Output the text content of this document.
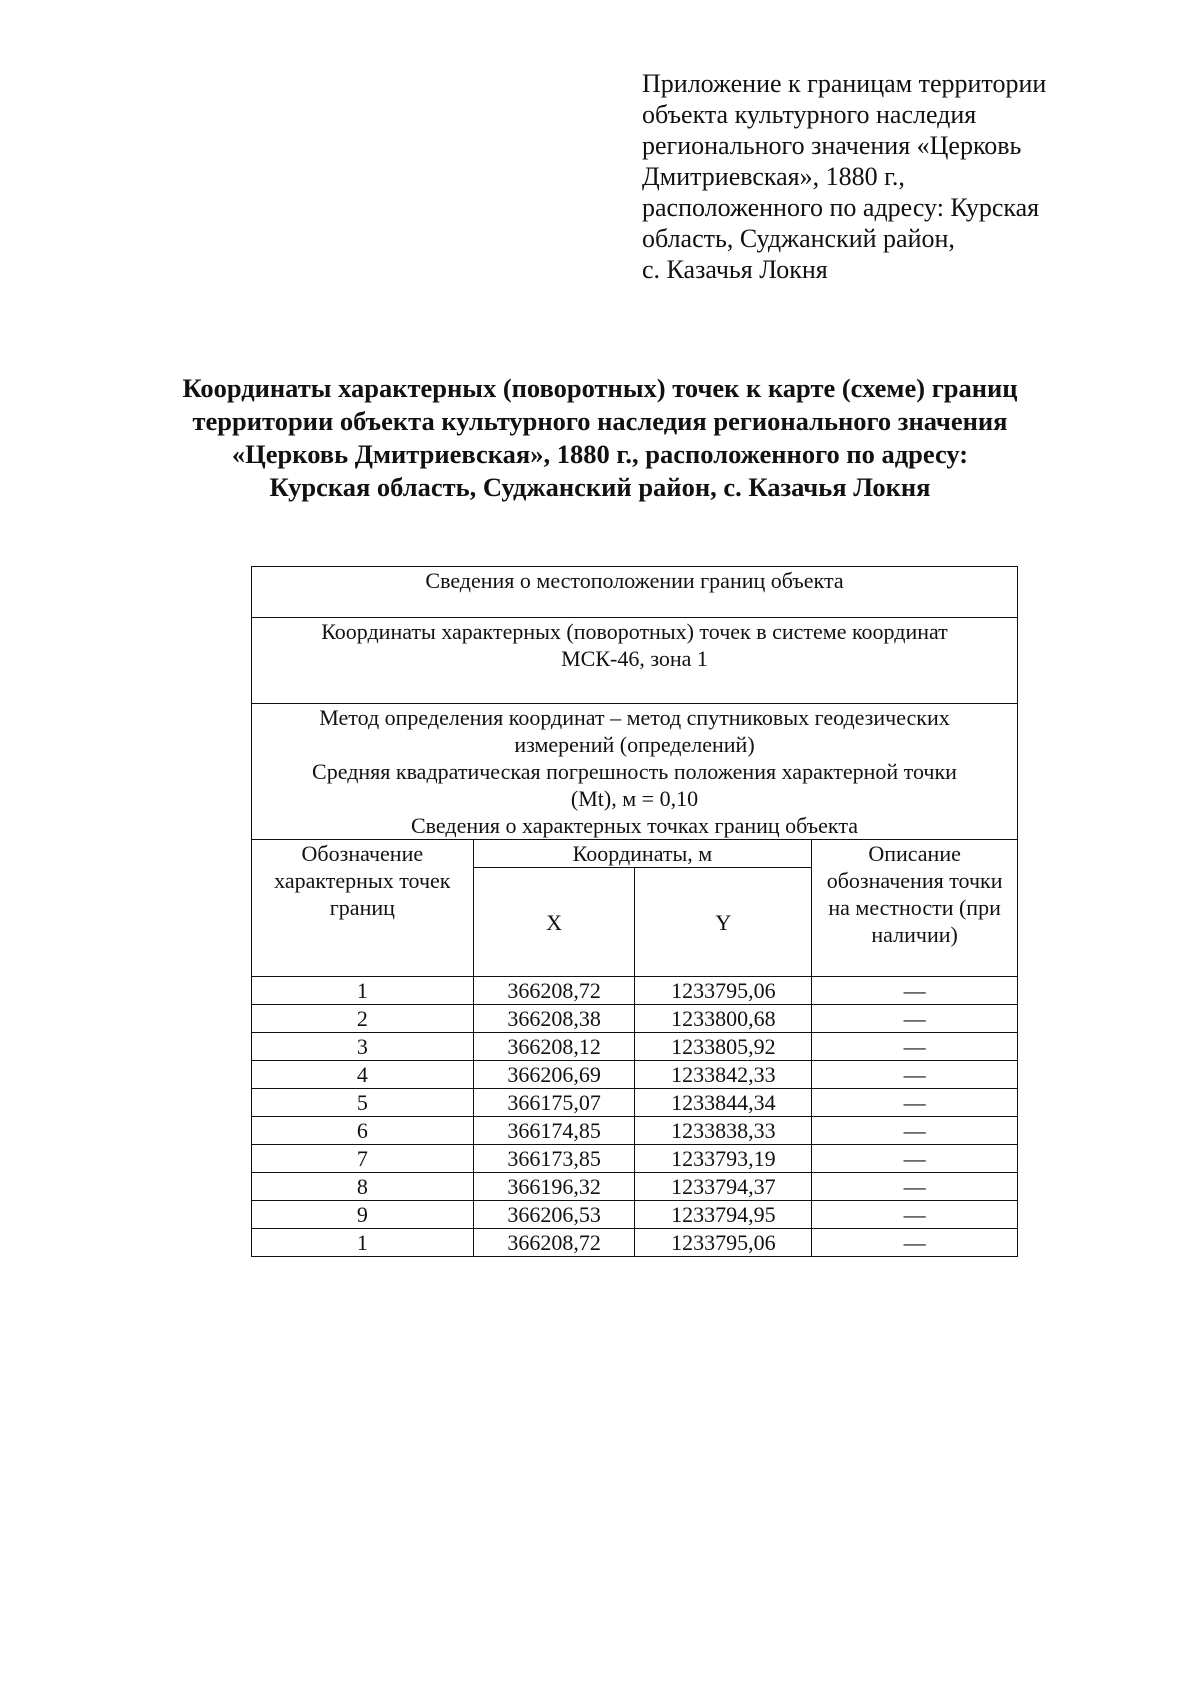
Приложение к границам территории
объекта культурного наследия
регионального значения «Церковь
Дмитриевская», 1880 г.,
расположенного по адресу: Курская
область, Суджанский район,
с. Казачья Локня
Координаты характерных (поворотных) точек к карте (схеме) границ
территории объекта культурного наследия регионального значения
«Церковь Дмитриевская», 1880 г., расположенного по адресу:
Курская область, Суджанский район, с. Казачья Локня
Сведения о местоположении границ объекта			

Координаты характерных (поворотных) точек в системе координат МСК-46, зона 1			

Метод определения координат – метод спутниковых геодезических измерений (определений)
Средняя квадратическая погрешность положения характерной точки (Mt), м = 0,10
Сведения о характерных точках границ объекта			

Обозначение характерных точек границ	Координаты, м		Описание обозначения точки на местности (при наличии)
	X	Y	
1	366208,72	1233795,06	—
2	366208,38	1233800,68	—
3	366208,12	1233805,92	—
4	366206,69	1233842,33	—
5	366175,07	1233844,34	—
6	366174,85	1233838,33	—
7	366173,85	1233793,19	—
8	366196,32	1233794,37	—
9	366206,53	1233794,95	—
1	366208,72	1233795,06	—
